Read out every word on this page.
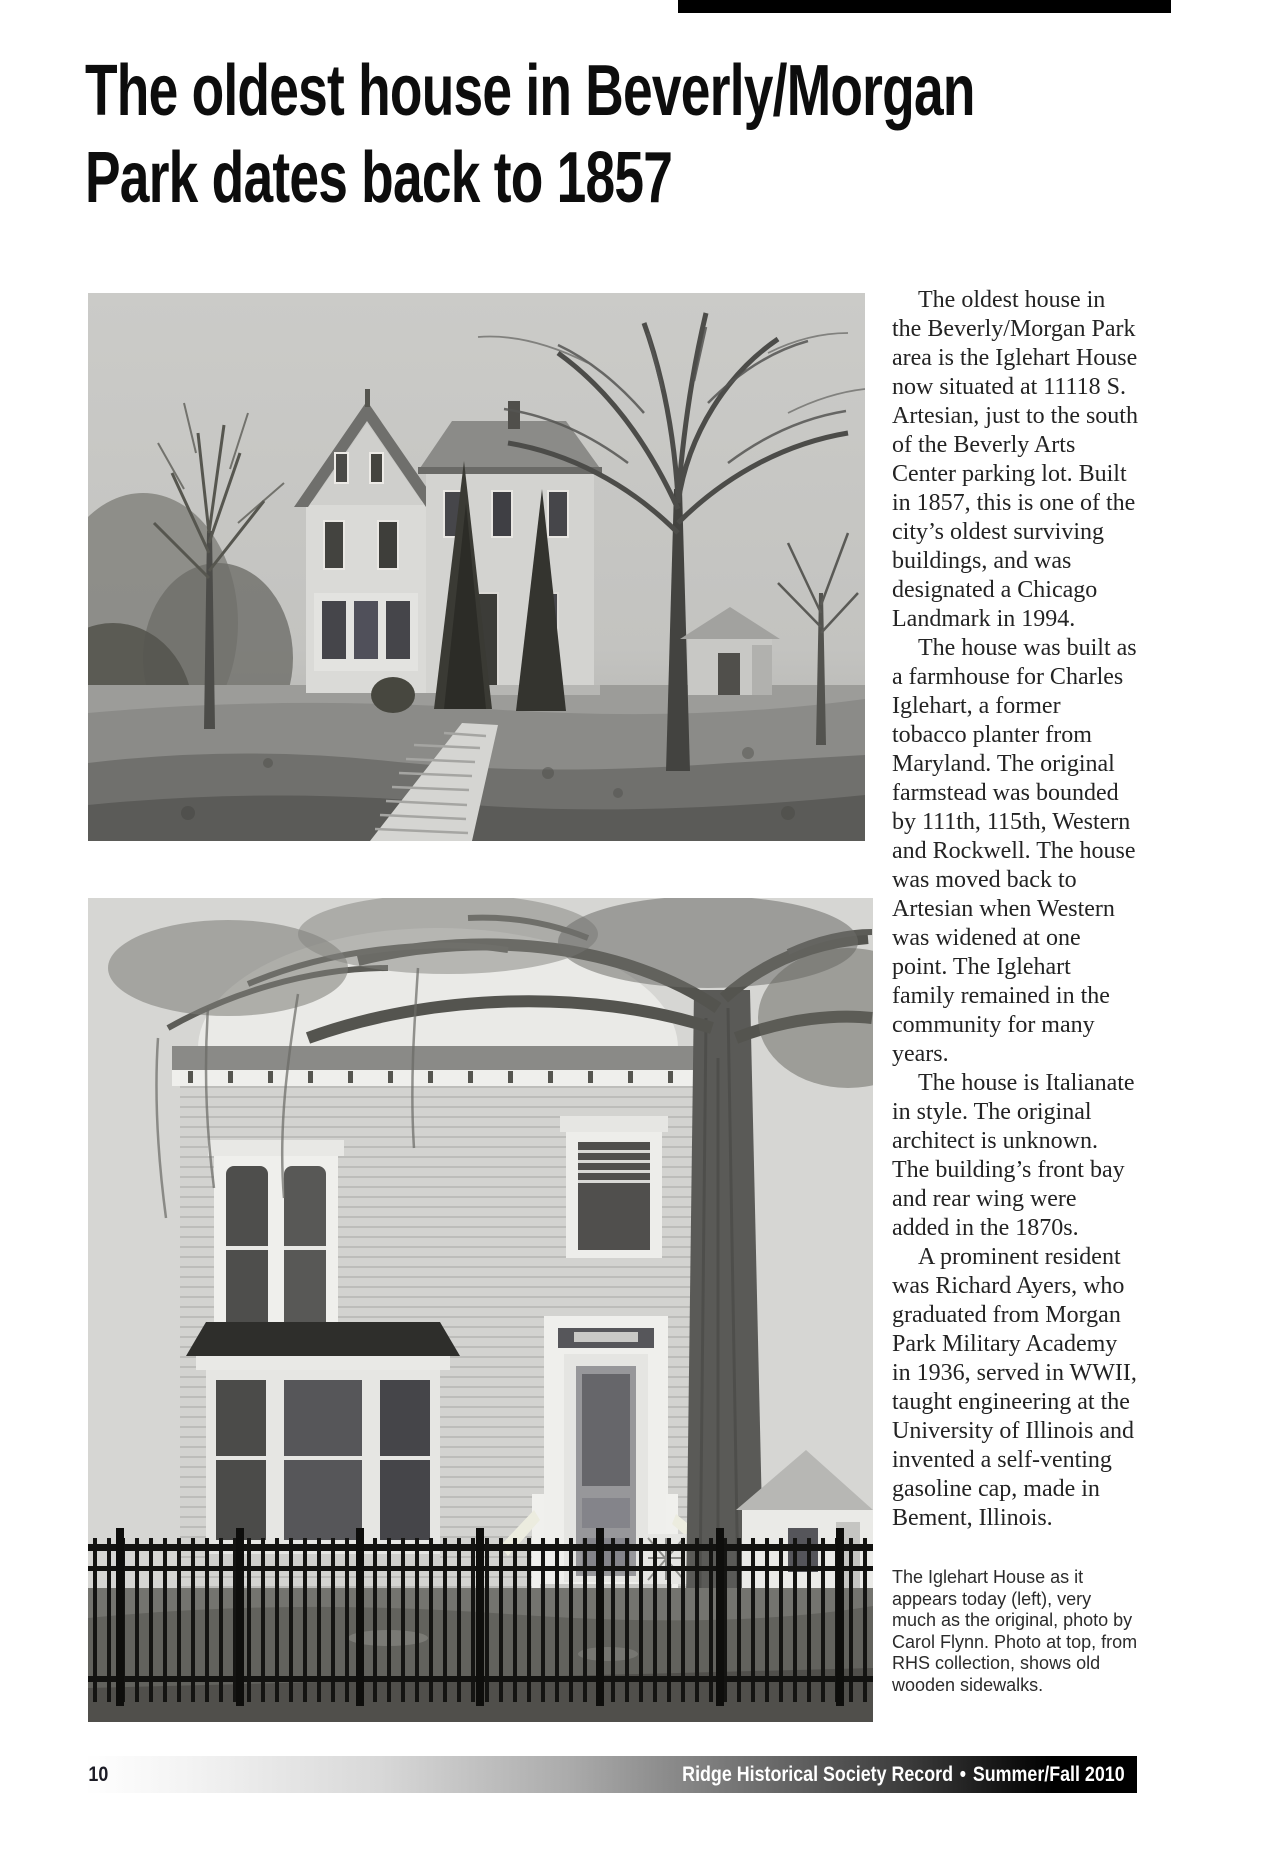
The oldest house in Beverly/Morgan
Park dates back to 1857

The oldest house in the Beverly/Morgan Park area is the Iglehart House now situated at 11118 S. Artesian, just to the south of the Beverly Arts Center parking lot. Built in 1857, this is one of the city’s oldest surviving buildings, and was designated a Chicago Landmark in 1994.

The house was built as a farmhouse for Charles Iglehart, a former tobacco planter from Maryland. The original farmstead was bounded by 111th, 115th, Western and Rockwell. The house was moved back to Artesian when Western was widened at one point. The Iglehart family remained in the community for many years.

The house is Italianate in style. The original architect is unknown. The building’s front bay and rear wing were added in the 1870s.

A prominent resident was Richard Ayers, who graduated from Morgan Park Military Academy in 1936, served in WWII, taught engineering at the University of Illinois and invented a self-venting gasoline cap, made in Bement, Illinois.

The Iglehart House as it appears today (left), very much as the original, photo by Carol Flynn. Photo at top, from RHS collection, shows old wooden sidewalks.

10	Ridge Historical Society Record • Summer/Fall 2010
